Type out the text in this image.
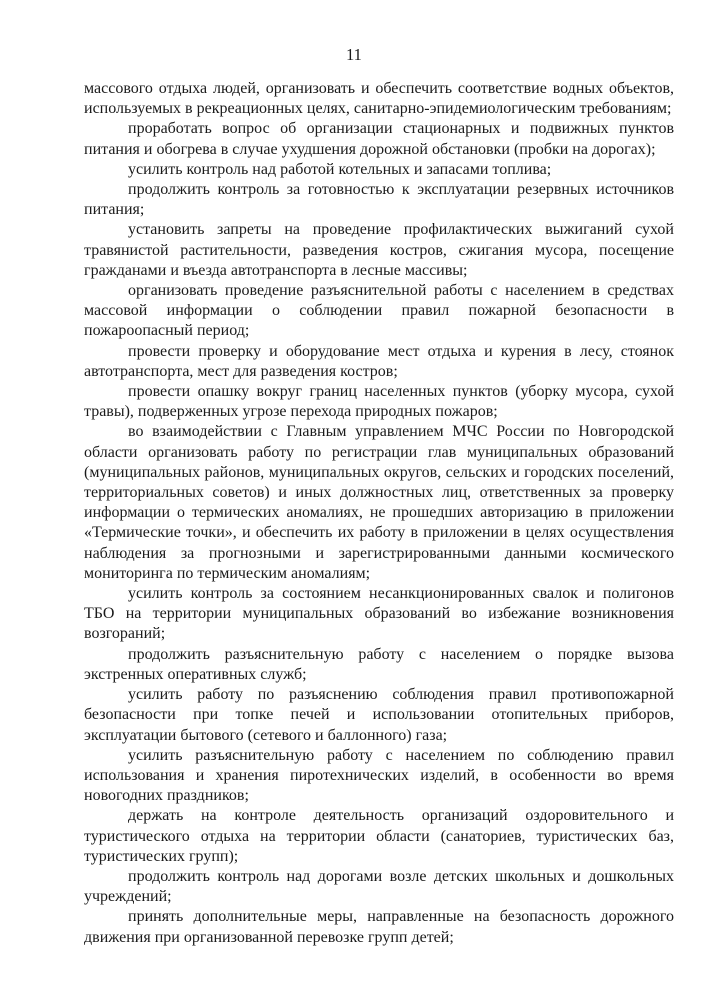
11

массового отдыха людей, организовать и обеспечить соответствие водных объектов, используемых в рекреационных целях, санитарно-эпидемиологическим требованиям;

проработать вопрос об организации стационарных и подвижных пунктов питания и обогрева в случае ухудшения дорожной обстановки (пробки на дорогах);

усилить контроль над работой котельных и запасами топлива;

продолжить контроль за готовностью к эксплуатации резервных источников питания;

установить запреты на проведение профилактических выжиганий сухой травянистой растительности, разведения костров, сжигания мусора, посещение гражданами и въезда автотранспорта в лесные массивы;

организовать проведение разъяснительной работы с населением в средствах массовой информации о соблюдении правил пожарной безопасности в пожароопасный период;

провести проверку и оборудование мест отдыха и курения в лесу, стоянок автотранспорта, мест для разведения костров;

провести опашку вокруг границ населенных пунктов (уборку мусора, сухой травы), подверженных угрозе перехода природных пожаров;

во взаимодействии с Главным управлением МЧС России по Новгородской области организовать работу по регистрации глав муниципальных образований (муниципальных районов, муниципальных округов, сельских и городских поселений, территориальных советов) и иных должностных лиц, ответственных за проверку информации о термических аномалиях, не прошедших авторизацию в приложении «Термические точки», и обеспечить их работу в приложении в целях осуществления наблюдения за прогнозными и зарегистрированными данными космического мониторинга по термическим аномалиям;

усилить контроль за состоянием несанкционированных свалок и полигонов ТБО на территории муниципальных образований во избежание возникновения возгораний;

продолжить разъяснительную работу с населением о порядке вызова экстренных оперативных служб;

усилить работу по разъяснению соблюдения правил противопожарной безопасности при топке печей и использовании отопительных приборов, эксплуатации бытового (сетевого и баллонного) газа;

усилить разъяснительную работу с населением по соблюдению правил использования и хранения пиротехнических изделий, в особенности во время новогодних праздников;

держать на контроле деятельность организаций оздоровительного и туристического отдыха на территории области (санаториев, туристических баз, туристических групп);

продолжить контроль над дорогами возле детских школьных и дошкольных учреждений;

принять дополнительные меры, направленные на безопасность дорожного движения при организованной перевозке групп детей;
